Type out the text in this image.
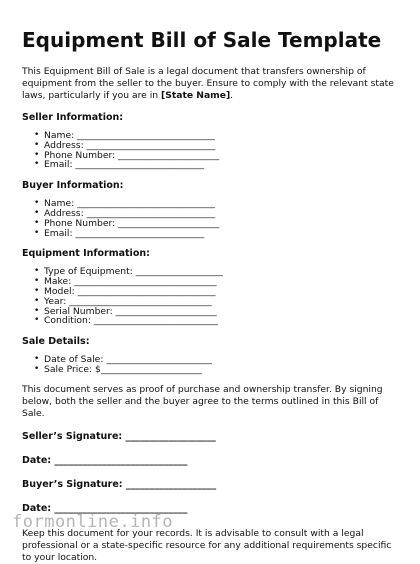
Equipment Bill of Sale Template

This Equipment Bill of Sale is a legal document that transfers ownership of equipment from the seller to the buyer. Ensure to comply with the relevant state laws, particularly if you are in [State Name].

Seller Information:
• Name: ______________________________
• Address: ____________________________
• Phone Number: ______________________
• Email: ____________________________
Buyer Information:
• Name: ______________________________
• Address: ____________________________
• Phone Number: ______________________
• Email: ____________________________
Equipment Information:
• Type of Equipment: ___________________
• Make: _______________________________
• Model: ______________________________
• Year: _______________________________
• Serial Number: ______________________
• Condition: ___________________________
Sale Details:
• Date of Sale: _______________________
• Sale Price: $______________________

This document serves as proof of purchase and ownership transfer. By signing below, both the seller and the buyer agree to the terms outlined in this Bill of Sale.

Seller’s Signature: ___________________

Date: ____________________________

Buyer’s Signature: ___________________

Date: ____________________________

Keep this document for your records. It is advisable to consult with a legal professional or a state-specific resource for any additional requirements specific to your location.

formonline.info
